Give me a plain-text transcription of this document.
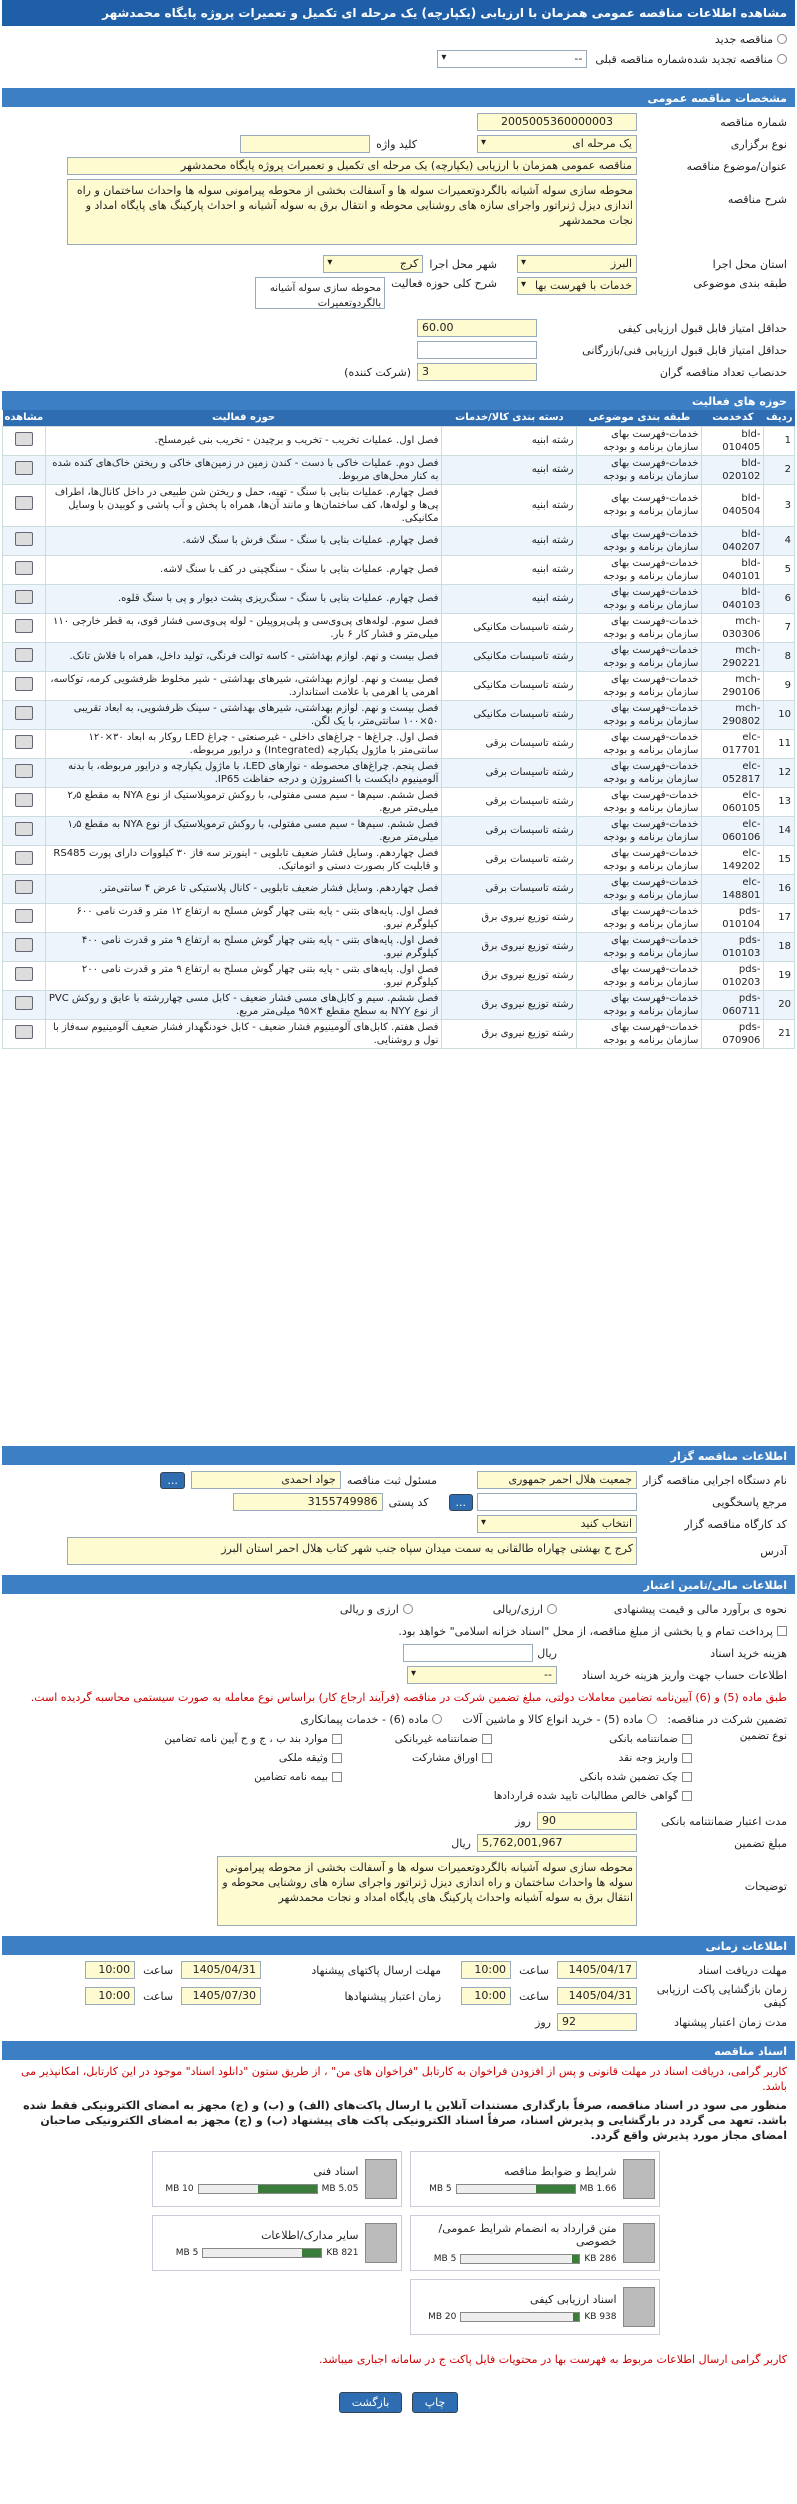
مشاهده اطلاعات مناقصه عمومی همزمان با ارزیابی (یکپارچه) یک مرحله ای تکمیل و تعمیرات پروژه پایگاه محمدشهر
مناقصه جدید
مناقصه تجدید شده
شماره مناقصه قبلی
-- ▾
مشخصات مناقصه عمومی
شماره مناقصه
2005005360000003
نوع برگزاری
یک مرحله ای ▾
کلید واژه
عنوان/موضوع مناقصه
مناقصه عمومی همزمان با ارزیابی (یکپارچه) یک مرحله ای تکمیل و تعمیرات پروژه پایگاه محمدشهر
شرح مناقصه
محوطه سازی سوله آشیانه بالگردوتعمیرات سوله ها و آسفالت بخشی از محوطه پیرامونی سوله ها واحداث ساختمان و راه اندازی دیزل ژنراتور واجرای سازه های روشنایی محوطه و انتقال برق به سوله آشیانه و احداث پارکینگ های پایگاه امداد و نجات محمدشهر
استان محل اجرا
البرز ▾
شهر محل اجرا
کرج ▾
طبقه بندی موضوعی
خدمات با فهرست بها ▾
شرح کلی حوزه فعالیت
محوطه سازی سوله آشیانه بالگردوتعمیرات
حداقل امتیاز قابل قبول ارزیابی کیفی
60.00
حداقل امتیاز قابل قبول ارزیابی فنی/بازرگانی
حدنصاب تعداد مناقصه گران
3
(شرکت کننده)
حوزه های فعالیت
ردیف	کدخدمت	طبقه بندی موضوعی	دسته بندی کالا/خدمات	حوزه فعالیت	مشاهده
1	bld-010405	خدمات-فهرست بهای سازمان برنامه و بودجه	رشته ابنیه	فصل اول. عملیات تخریب - تخریب و برچیدن - تخریب بنی غیرمسلح.	
2	bld-020102	خدمات-فهرست بهای سازمان برنامه و بودجه	رشته ابنیه	فصل دوم. عملیات خاکی با دست - کندن زمین در زمین‌های خاکی و ریختن خاک‌های کنده شده به کنار محل‌های مربوط.	
3	bld-040504	خدمات-فهرست بهای سازمان برنامه و بودجه	رشته ابنیه	فصل چهارم. عملیات بنایی با سنگ - تهیه، حمل و ریختن شن طبیعی در داخل کانال‌ها، اطراف پی‌ها و لوله‌ها، کف ساختمان‌ها و مانند آن‌ها، همراه با پخش و آب پاشی و کوبیدن با وسایل مکانیکی.	
4	bld-040207	خدمات-فهرست بهای سازمان برنامه و بودجه	رشته ابنیه	فصل چهارم. عملیات بنایی با سنگ - سنگ فرش با سنگ لاشه.	
5	bld-040101	خدمات-فهرست بهای سازمان برنامه و بودجه	رشته ابنیه	فصل چهارم. عملیات بنایی با سنگ - سنگچینی در کف با سنگ لاشه.	
6	bld-040103	خدمات-فهرست بهای سازمان برنامه و بودجه	رشته ابنیه	فصل چهارم. عملیات بنایی با سنگ - سنگ‌ریزی پشت دیوار و پی با سنگ قلوه.	
7	mch-030306	خدمات-فهرست بهای سازمان برنامه و بودجه	رشته تاسیسات مکانیکی	فصل سوم. لوله‌های پی‌وی‌سی و پلی‌پروپیلن - لوله پی‌وی‌سی فشار قوی، به قطر خارجی ۱۱۰ میلی‌متر و فشار کار ۶ بار.	
8	mch-290221	خدمات-فهرست بهای سازمان برنامه و بودجه	رشته تاسیسات مکانیکی	فصل بیست و نهم. لوازم بهداشتی - کاسه توالت فرنگی، تولید داخل، همراه با فلاش تانک.	
9	mch-290106	خدمات-فهرست بهای سازمان برنامه و بودجه	رشته تاسیسات مکانیکی	فصل بیست و نهم. لوازم بهداشتی، شیرهای بهداشتی - شیر مخلوط ظرفشویی کرمه، توکاسه، اهرمی یا اهرمی با علامت استاندارد.	
10	mch-290802	خدمات-فهرست بهای سازمان برنامه و بودجه	رشته تاسیسات مکانیکی	فصل بیست و نهم. لوازم بهداشتی، شیرهای بهداشتی - سینک ظرفشویی، به ابعاد تقریبی ۵۰×۱۰۰ سانتی‌متر، با یک لگن.	
11	elc-017701	خدمات-فهرست بهای سازمان برنامه و بودجه	رشته تاسیسات برقی	فصل اول. چراغ‌ها - چراغ‌های داخلی - غیرصنعتی - چراغ LED روکار به ابعاد ۳۰×۱۲۰ سانتی‌متر با ماژول یکپارچه (Integrated) و درایور مربوطه.	
12	elc-052817	خدمات-فهرست بهای سازمان برنامه و بودجه	رشته تاسیسات برقی	فصل پنجم. چراغ‌های محصوطه - نوارهای LED، با ماژول یکپارچه و درایور مربوطه، با بدنه آلومینیوم دایکست با اکستروژن و درجه حفاظت IP65.	
13	elc-060105	خدمات-فهرست بهای سازمان برنامه و بودجه	رشته تاسیسات برقی	فصل ششم. سیم‌ها - سیم مسی مفتولی، با روکش ترموپلاستیک از نوع NYA به مقطع ۲٫۵ میلی‌متر مربع.	
14	elc-060106	خدمات-فهرست بهای سازمان برنامه و بودجه	رشته تاسیسات برقی	فصل ششم. سیم‌ها - سیم مسی مفتولی، با روکش ترموپلاستیک از نوع NYA به مقطع ۱٫۵ میلی‌متر مربع.	
15	elc-149202	خدمات-فهرست بهای سازمان برنامه و بودجه	رشته تاسیسات برقی	فصل چهاردهم. وسایل فشار ضعیف تابلویی - اینورتر سه فاز ۳۰ کیلووات دارای پورت RS485 و قابلیت کار بصورت دستی و اتوماتیک.	
16	elc-148801	خدمات-فهرست بهای سازمان برنامه و بودجه	رشته تاسیسات برقی	فصل چهاردهم. وسایل فشار ضعیف تابلویی - کانال پلاستیکی تا عرض ۴ سانتی‌متر.	
17	pds-010104	خدمات-فهرست بهای سازمان برنامه و بودجه	رشته توزیع نیروی برق	فصل اول. پایه‌های بتنی - پایه بتنی چهار گوش مسلح به ارتفاع ۱۲ متر و قدرت نامی ۶۰۰ کیلوگرم نیرو.	
18	pds-010103	خدمات-فهرست بهای سازمان برنامه و بودجه	رشته توزیع نیروی برق	فصل اول. پایه‌های بتنی - پایه بتنی چهار گوش مسلح به ارتفاع ۹ متر و قدرت نامی ۴۰۰ کیلوگرم نیرو.	
19	pds-010203	خدمات-فهرست بهای سازمان برنامه و بودجه	رشته توزیع نیروی برق	فصل اول. پایه‌های بتنی - پایه بتنی چهار گوش مسلح به ارتفاع ۹ متر و قدرت نامی ۲۰۰ کیلوگرم نیرو.	
20	pds-060711	خدمات-فهرست بهای سازمان برنامه و بودجه	رشته توزیع نیروی برق	فصل ششم. سیم و کابل‌های مسی فشار ضعیف - کابل مسی چهاررشته با عایق و روکش PVC از نوع NYY به سطح مقطع ۴×۹۵ میلی‌متر مربع.	
21	pds-070906	خدمات-فهرست بهای سازمان برنامه و بودجه	رشته توزیع نیروی برق	فصل هفتم. کابل‌های آلومینیوم فشار ضعیف - کابل خودنگهدار فشار ضعیف آلومینیوم سه‌فاز با نول و روشنایی.	
اطلاعات مناقصه گزار
نام دستگاه اجرایی مناقصه گزار
جمعیت هلال احمر جمهوری
مسئول ثبت مناقصه
جواد احمدی
...
مرجع پاسخگویی
...
کد پستی
3155749986
کد کارگاه مناقصه گزار
انتخاب کنید ▾
آدرس
کرج ح بهشتی چهاراه طالقانی به سمت میدان سپاه جنب شهر کتاب هلال احمر استان البرز
اطلاعات مالی/تامین اعتبار
نحوه ی برآورد مالی و قیمت پیشنهادی
ارزی/ریالی
ارزی و ریالی
پرداخت تمام و یا بخشی از مبلغ مناقصه، از محل "اسناد خزانه اسلامی" خواهد بود.
هزینه خرید اسناد
ریال
اطلاعات حساب جهت واریز هزینه خرید اسناد
-- ▾
طبق ماده (5) و (6) آیین‌نامه تضامین معاملات دولتی، مبلغ تضمین شرکت در مناقصه (فرآیند ارجاع کار) براساس نوع معامله به صورت سیستمی محاسبه گردیده است.
تضمین شرکت در مناقصه:
ماده (5) - خرید انواع کالا و ماشین آلات
ماده (6) - خدمات پیمانکاری
نوع تضمین
ضمانتنامه بانکی
واریز وجه نقد
چک تضمین شده بانکی
گواهی خالص مطالبات تایید شده قراردادها
ضمانتنامه غیربانکی
اوراق مشارکت
موارد بند ب ، ج و ح آیین نامه تضامین
وثیقه ملکی
بیمه نامه تضامین
مدت اعتبار ضمانتنامه بانکی
90
روز
مبلغ تضمین
5,762,001,967
ریال
توضیحات
محوطه سازی سوله آشیانه بالگردوتعمیرات سوله ها و آسفالت بخشی از محوطه پیرامونی سوله ها واحداث ساختمان و راه اندازی دیزل ژنراتور واجرای سازه های روشنایی محوطه و انتقال برق به سوله آشیانه واحداث پارکینگ های پایگاه امداد و نجات محمدشهر
اطلاعات زمانی
مهلت دریافت اسناد
1405/04/17
ساعت
10:00
مهلت ارسال پاکتهای پیشنهاد
1405/04/31
ساعت
10:00
زمان بازگشایی پاکت ارزیابی کیفی
1405/04/31
ساعت
10:00
زمان اعتبار پیشنهادها
1405/07/30
ساعت
10:00
مدت زمان اعتبار پیشنهاد
92
روز
اسناد مناقصه
کاربر گرامی، دریافت اسناد در مهلت قانونی و پس از افزودن فراخوان به کارتابل "فراخوان های من" ، از طریق ستون "دانلود اسناد" موجود در این کارتابل، امکانپذیر می باشد.
منظور می سود در اسناد مناقصه، صرفاً بارگذاری مستندات آنلاین یا ارسال پاکت‌های (الف) و (ب) و (ج) مجهز به امضای الکترونیکی فقط شده باشد. تعهد می گردد در بارگشایی و پذیرش اسناد، صرفاً اسناد الکترونیکی پاکت های پیشنهاد (ب) و (ج) مجهز به امضای الکترونیکی صاحبان امضای مجاز مورد پذیرش واقع گردد.
شرایط و ضوابط مناقصه
1.66 MB
5 MB
اسناد فنی
5.05 MB
10 MB
متن قرارداد به انضمام شرایط عمومی/خصوصی
286 KB
5 MB
سایر مدارک/اطلاعات
821 KB
5 MB
اسناد ارزیابی کیفی
938 KB
20 MB
کاربر گرامی ارسال اطلاعات مربوط به فهرست بها در محتویات فایل پاکت ج در سامانه اجباری میباشد.
چاپ بازگشت
